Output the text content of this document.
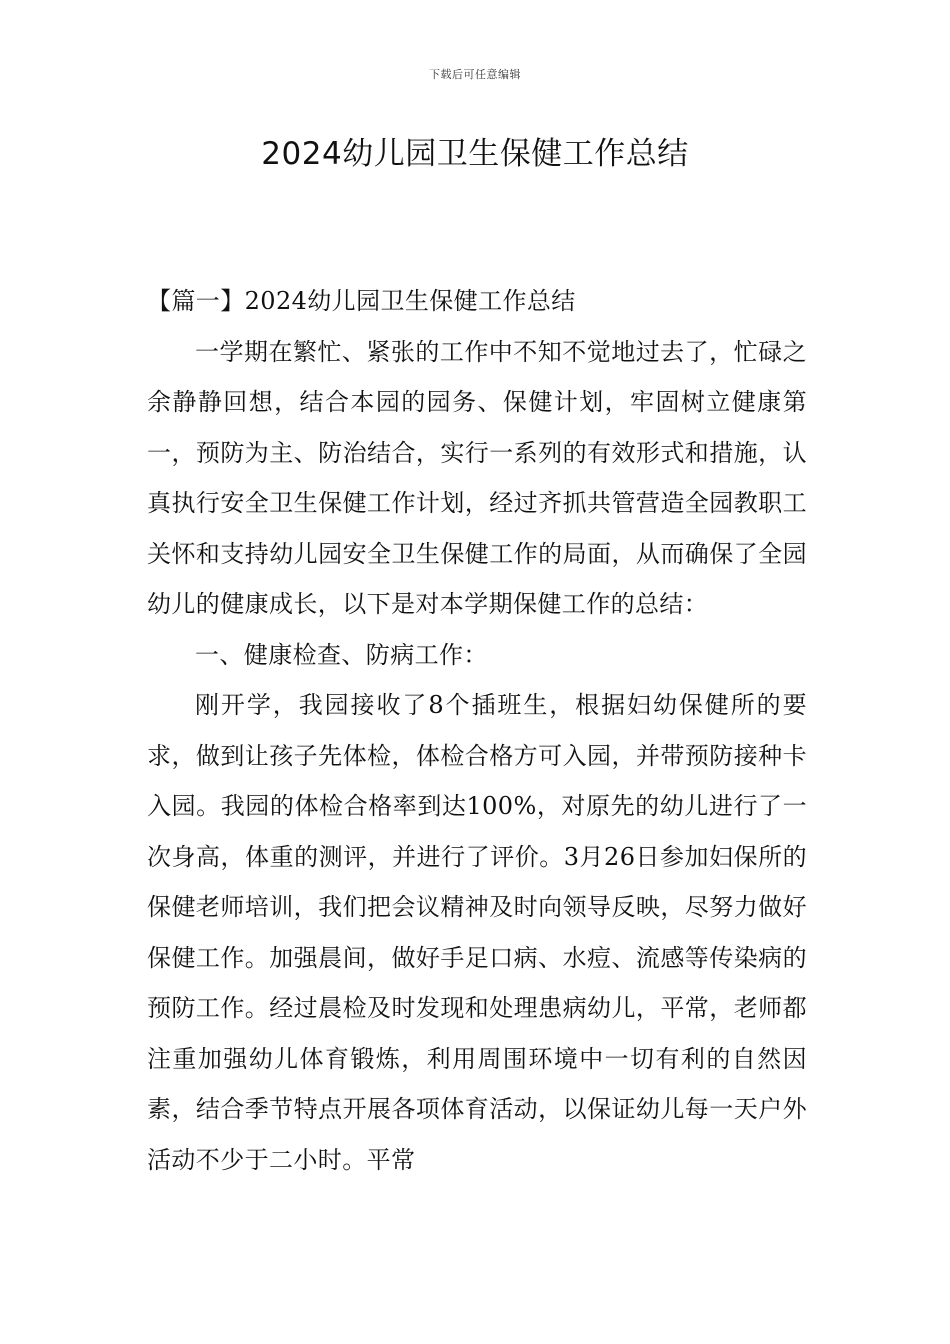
下载后可任意编辑
2024幼儿园卫生保健工作总结

【篇一】2024幼儿园卫生保健工作总结

一学期在繁忙、紧张的工作中不知不觉地过去了，忙碌之余静静回想，结合本园的园务、保健计划，牢固树立健康第一，预防为主、防治结合，实行一系列的有效形式和措施，认真执行安全卫生保健工作计划，经过齐抓共管营造全园教职工关怀和支持幼儿园安全卫生保健工作的局面，从而确保了全园幼儿的健康成长，以下是对本学期保健工作的总结：

一、健康检查、防病工作：

刚开学，我园接收了8个插班生，根据妇幼保健所的要求，做到让孩子先体检，体检合格方可入园，并带预防接种卡入园。我园的体检合格率到达100%，对原先的幼儿进行了一次身高，体重的测评，并进行了评价。3月26日参加妇保所的保健老师培训，我们把会议精神及时向领导反映，尽努力做好保健工作。加强晨间，做好手足口病、水痘、流感等传染病的预防工作。经过晨检及时发现和处理患病幼儿，平常，老师都注重加强幼儿体育锻炼，利用周围环境中一切有利的自然因素，结合季节特点开展各项体育活动，以保证幼儿每一天户外活动不少于二小时。平常
